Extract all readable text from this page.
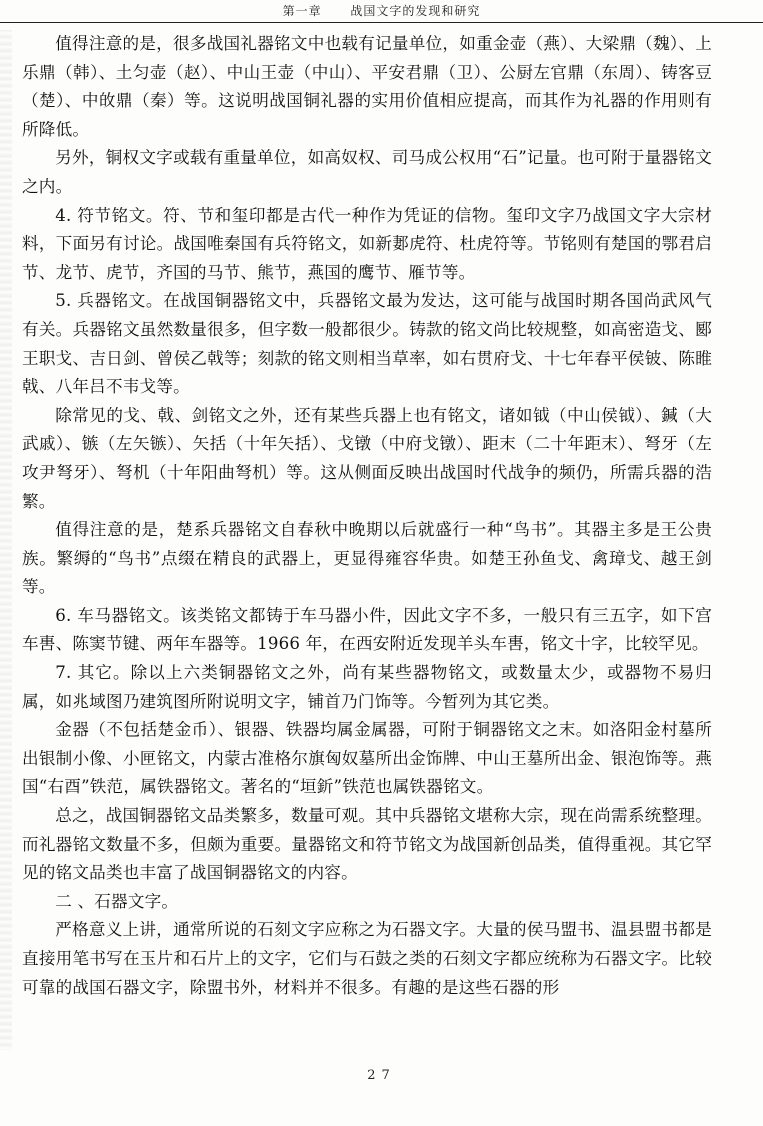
第一章 战国文字的发现和研究

值得注意的是，很多战国礼器铭文中也载有记量单位，如重金壶（燕）、大梁鼎（魏）、上乐鼎（韩）、土匀壶（赵）、中山王壶（中山）、平安君鼎（卫）、公厨左官鼎（东周）、铸客豆（楚）、中敀鼎（秦）等。这说明战国铜礼器的实用价值相应提高，而其作为礼器的作用则有所降低。

另外，铜权文字或载有重量单位，如高奴权、司马成公权用“石”记量。也可附于量器铭文之内。

4. 符节铭文。符、节和玺印都是古代一种作为凭证的信物。玺印文字乃战国文字大宗材料，下面另有讨论。战国唯秦国有兵符铭文，如新郪虎符、杜虎符等。节铭则有楚国的鄂君启节、龙节、虎节，齐国的马节、熊节，燕国的鹰节、雁节等。

5. 兵器铭文。在战国铜器铭文中，兵器铭文最为发达，这可能与战国时期各国尚武风气有关。兵器铭文虽然数量很多，但字数一般都很少。铸款的铭文尚比较规整，如高密造戈、郾王职戈、吉日剑、曾侯乙戟等；刻款的铭文则相当草率，如右贯府戈、十七年春平侯铍、陈睢戟、八年吕不韦戈等。

除常见的戈、戟、剑铭文之外，还有某些兵器上也有铭文，诸如钺（中山侯钺）、鍼（大武戚）、镞（左矢镞）、矢括（十年矢括）、戈镦（中府戈镦）、距末（二十年距末）、弩牙（左攻尹弩牙）、弩机（十年阳曲弩机）等。这从侧面反映出战国时代战争的频仍，所需兵器的浩繁。

值得注意的是，楚系兵器铭文自春秋中晚期以后就盛行一种“鸟书”。其器主多是王公贵族。繁缛的“鸟书”点缀在精良的武器上，更显得雍容华贵。如楚王孙鱼戈、禽璋戈、越王剑等。

6. 车马器铭文。该类铭文都铸于车马器小件，因此文字不多，一般只有三五字，如下宫车軎、陈窦节键、两年车器等。1966 年，在西安附近发现羊头车軎，铭文十字，比较罕见。

7. 其它。除以上六类铜器铭文之外，尚有某些器物铭文，或数量太少，或器物不易归属，如兆域图乃建筑图所附说明文字，铺首乃门饰等。今暂列为其它类。

金器（不包括楚金币）、银器、铁器均属金属器，可附于铜器铭文之末。如洛阳金村墓所出银制小像、小匣铭文，内蒙古准格尔旗匈奴墓所出金饰牌、中山王墓所出金、银泡饰等。燕国“右酉”铁范，属铁器铭文。著名的“垣釿”铁范也属铁器铭文。

总之，战国铜器铭文品类繁多，数量可观。其中兵器铭文堪称大宗，现在尚需系统整理。而礼器铭文数量不多，但颇为重要。量器铭文和符节铭文为战国新创品类，值得重视。其它罕见的铭文品类也丰富了战国铜器铭文的内容。

二 、石器文字。

严格意义上讲，通常所说的石刻文字应称之为石器文字。大量的侯马盟书、温县盟书都是直接用笔书写在玉片和石片上的文字，它们与石鼓之类的石刻文字都应统称为石器文字。比较可靠的战国石器文字，除盟书外，材料并不很多。有趣的是这些石器的形

27
